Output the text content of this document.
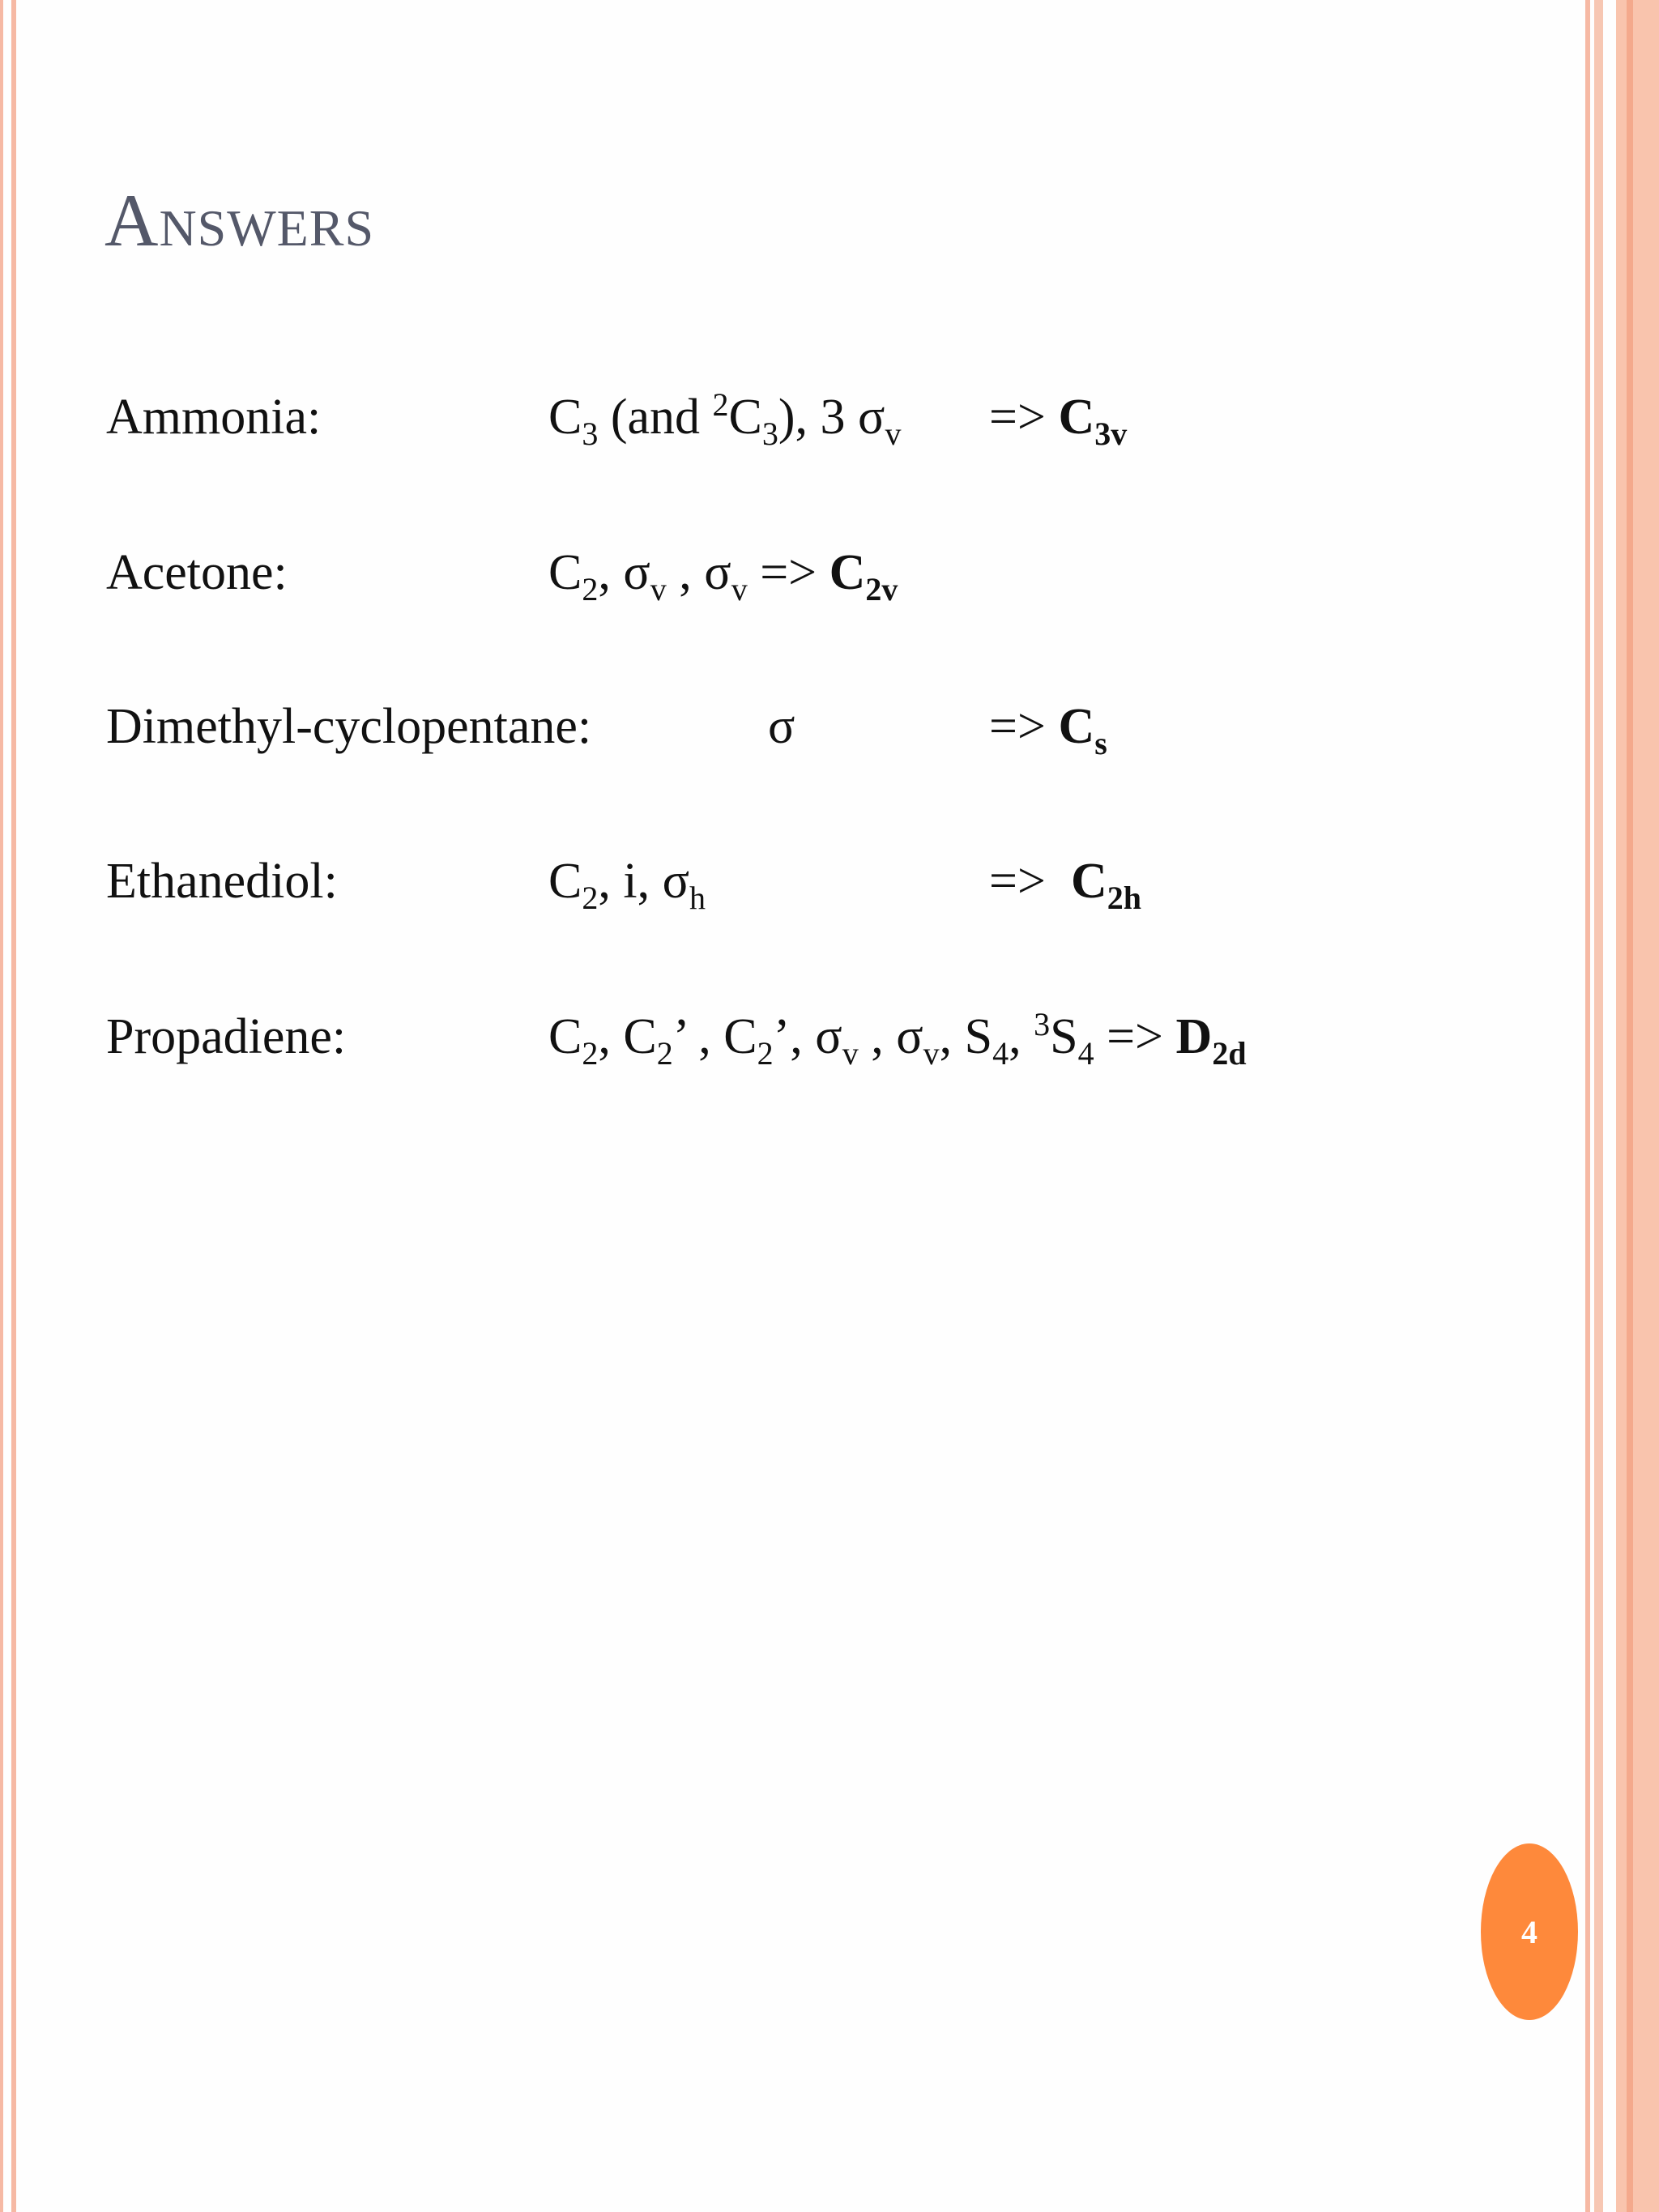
Answers
Ammonia:	$C_3$ (and $^2C_3$), 3 $\sigma_v => C_{3v}$
Acetone:	$C_2$, $\sigma_v$ , $\sigma_v => C_{2v}$
Dimethyl-cyclopentane:	σ	=> $C_s$
Ethanediol:	$C_2$, i, $\sigma_h$	=>  $C_{2h}$
Propadiene:	$C_2$, $C_2$’ , $C_2$’, $\sigma_v$ , $\sigma_v$, $S_4$, $^3S_4 => D_{2d}$
4
